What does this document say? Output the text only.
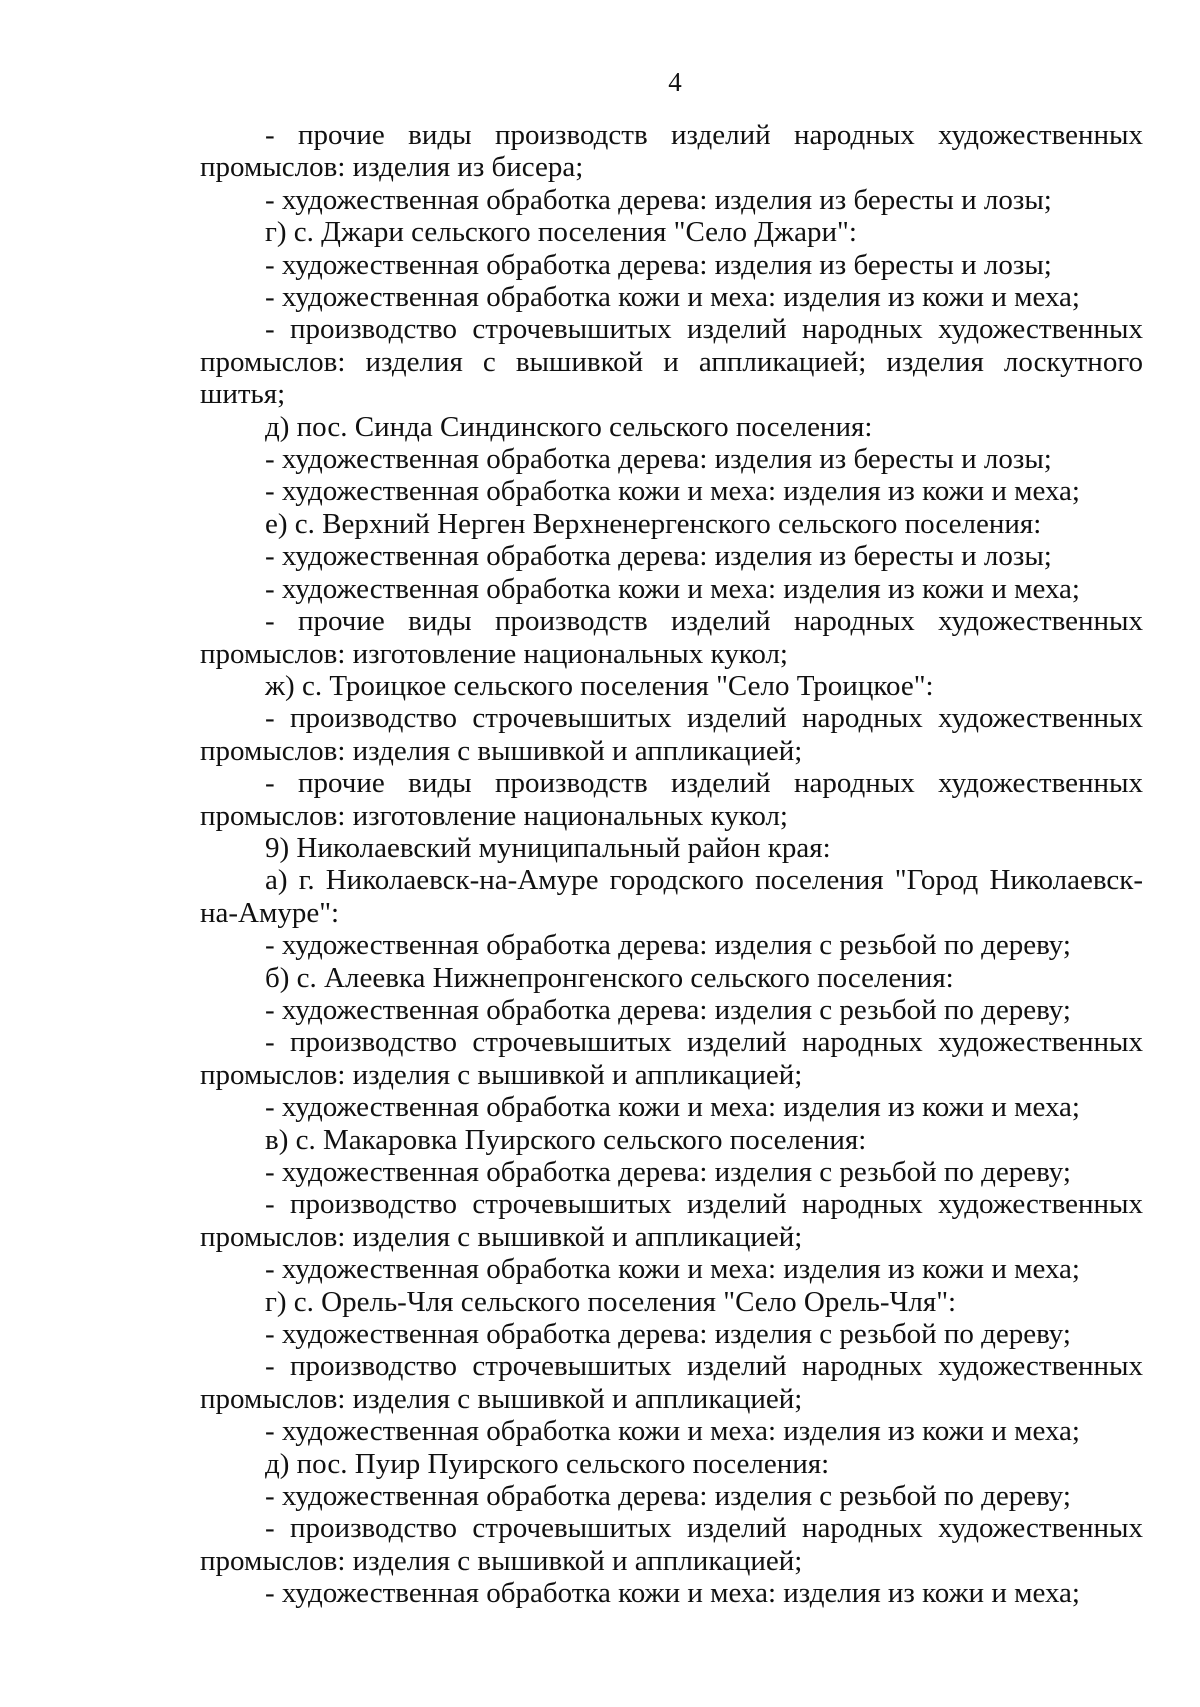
4

- прочие виды производств изделий народных художественных промыслов: изделия из бисера;

- художественная обработка дерева: изделия из бересты и лозы;

г) с. Джари сельского поселения "Село Джари":

- художественная обработка дерева: изделия из бересты и лозы;

- художественная обработка кожи и меха: изделия из кожи и меха;

- производство строчевышитых изделий народных художественных промыслов: изделия с вышивкой и аппликацией; изделия лоскутного шитья;

д) пос. Синда Синдинского сельского поселения:

- художественная обработка дерева: изделия из бересты и лозы;

- художественная обработка кожи и меха: изделия из кожи и меха;

е) с. Верхний Нерген Верхненергенского сельского поселения:

- художественная обработка дерева: изделия из бересты и лозы;

- художественная обработка кожи и меха: изделия из кожи и меха;

- прочие виды производств изделий народных художественных промыслов: изготовление национальных кукол;

ж) с. Троицкое сельского поселения "Село Троицкое":

- производство строчевышитых изделий народных художественных промыслов: изделия с вышивкой и аппликацией;

- прочие виды производств изделий народных художественных промыслов: изготовление национальных кукол;

9) Николаевский муниципальный район края:

а) г. Николаевск-на-Амуре городского поселения "Город Николаевск-на-Амуре":

- художественная обработка дерева: изделия с резьбой по дереву;

б) с. Алеевка Нижнепронгенского сельского поселения:

- художественная обработка дерева: изделия с резьбой по дереву;

- производство строчевышитых изделий народных художественных промыслов: изделия с вышивкой и аппликацией;

- художественная обработка кожи и меха: изделия из кожи и меха;

в) с. Макаровка Пуирского сельского поселения:

- художественная обработка дерева: изделия с резьбой по дереву;

- производство строчевышитых изделий народных художественных промыслов: изделия с вышивкой и аппликацией;

- художественная обработка кожи и меха: изделия из кожи и меха;

г) с. Орель-Чля сельского поселения "Село Орель-Чля":

- художественная обработка дерева: изделия с резьбой по дереву;

- производство строчевышитых изделий народных художественных промыслов: изделия с вышивкой и аппликацией;

- художественная обработка кожи и меха: изделия из кожи и меха;

д) пос. Пуир Пуирского сельского поселения:

- художественная обработка дерева: изделия с резьбой по дереву;

- производство строчевышитых изделий народных художественных промыслов: изделия с вышивкой и аппликацией;

- художественная обработка кожи и меха: изделия из кожи и меха;
